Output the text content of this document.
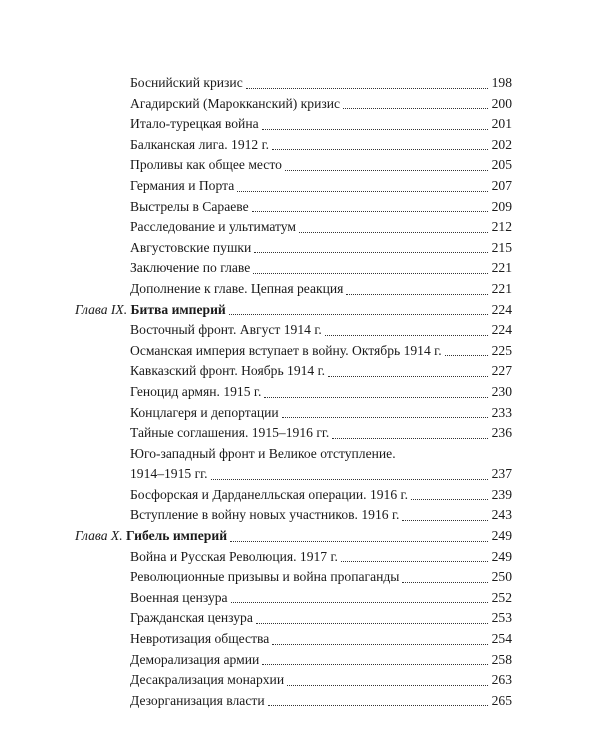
Боснийский кризис	198
Агадирский (Марокканский) кризис	200
Итало-турецкая война	201
Балканская лига. 1912 г.	202
Проливы как общее место	205
Германия и Порта	207
Выстрелы в Сараеве	209
Расследование и ультиматум	212
Августовские пушки	215
Заключение по главе	221
Дополнение к главе. Цепная реакция	221
Глава IX. Битва империй	224
Восточный фронт. Август 1914 г.	224
Османская империя вступает в войну. Октябрь 1914 г.	225
Кавказский фронт. Ноябрь 1914 г.	227
Геноцид армян. 1915 г.	230
Концлагеря и депортации	233
Тайные соглашения. 1915–1916 гг.	236
Юго-западный фронт и Великое отступление.
1914–1915 гг.	237
Босфорская и Дарданелльская операции. 1916 г.	239
Вступление в войну новых участников. 1916 г.	243
Глава X. Гибель империй	249
Война и Русская Революция. 1917 г.	249
Революционные призывы и война пропаганды	250
Военная цензура	252
Гражданская цензура	253
Невротизация общества	254
Деморализация армии	258
Десакрализация монархии	263
Дезорганизация власти	265
